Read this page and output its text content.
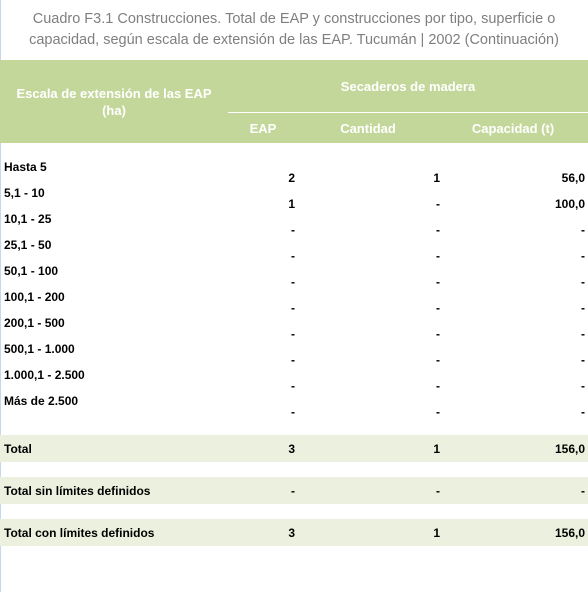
Cuadro F3.1 Construcciones. Total de EAP y construcciones por tipo, superficie o
capacidad, según escala de extensión de las EAP. Tucumán | 2002 (Continuación)
Escala de extensión de las EAP (ha)
Secaderos de madera
EAP	Cantidad	Capacidad (t)
Hasta 5
2	1	56,0
5,1 - 10
1	-	100,0
10,1 - 25
-	-	-
25,1 - 50
-	-	-
50,1 - 100
-	-	-
100,1 - 200
-	-	-
200,1 - 500
-	-	-
500,1 - 1.000
-	-	-
1.000,1 - 2.500
-	-	-
Más de 2.500
-	-	-
Total	3	1	156,0
Total sin límites definidos	-	-	-
Total con límites definidos	3	1	156,0
